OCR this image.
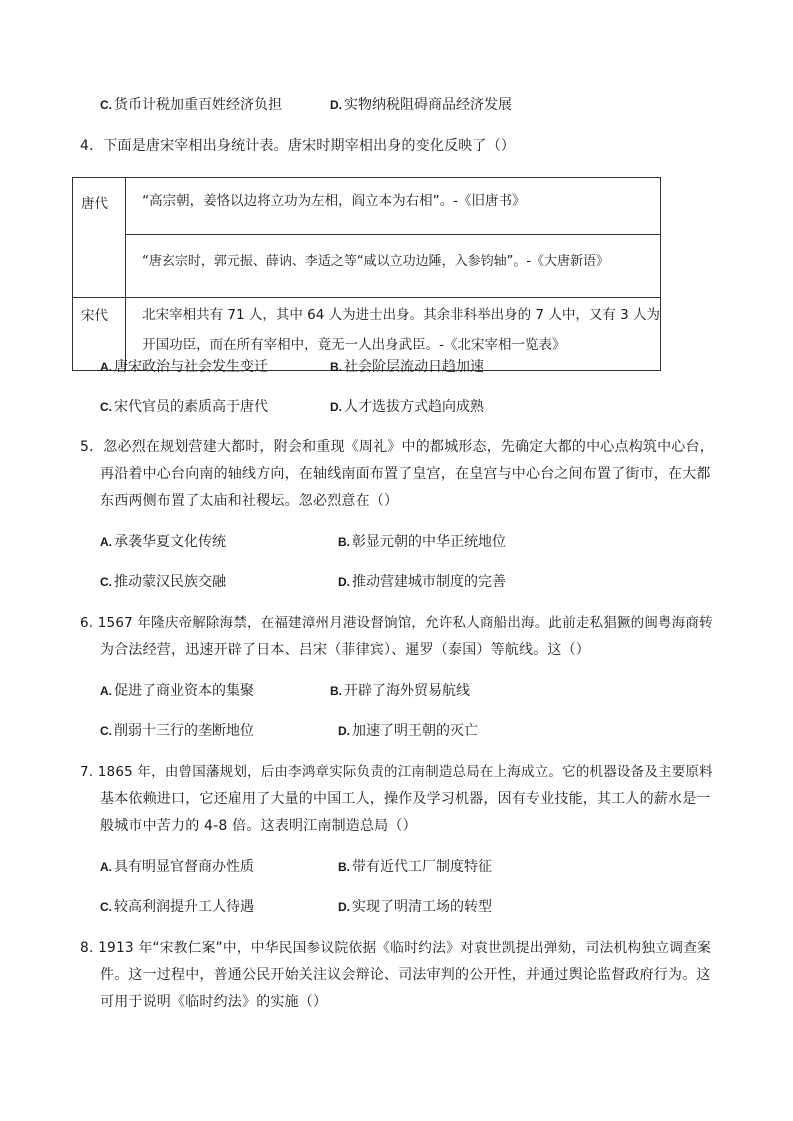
C. 货币计税加重百姓经济负担	D. 实物纳税阻碍商品经济发展
4．下面是唐宋宰相出身统计表。唐宋时期宰相出身的变化反映了（）
唐代	“高宗朝，姜恪以边将立功为左相，阎立本为右相”。-《旧唐书》

	“唐玄宗时，郭元振、薛讷、李适之等“咸以立功边陲，入参钧轴”。-《大唐新语》

宋代	北宋宰相共有 71 人，其中 64 人为进士出身。其余非科举出身的 7 人中，又有 3 人为
开国功臣，而在所有宰相中，竟无一人出身武臣。-《北宋宰相一览表》
A. 唐宋政治与社会发生变迁	B. 社会阶层流动日趋加速
C. 宋代官员的素质高于唐代	D. 人才选拔方式趋向成熟
5．忽必烈在规划营建大都时，附会和重现《周礼》中的都城形态，先确定大都的中心点构筑中心台，
再沿着中心台向南的轴线方向，在轴线南面布置了皇宫，在皇宫与中心台之间布置了街市，在大都
东西两侧布置了太庙和社稷坛。忽必烈意在（）
A. 承袭华夏文化传统	B. 彰显元朝的中华正统地位
C. 推动蒙汉民族交融	D. 推动营建城市制度的完善
6. 1567 年隆庆帝解除海禁，在福建漳州月港设督饷馆，允许私人商船出海。此前走私猖獗的闽粤海商转
为合法经营，迅速开辟了日本、吕宋（菲律宾）、暹罗（泰国）等航线。这（）
A. 促进了商业资本的集聚	B. 开辟了海外贸易航线
C. 削弱十三行的垄断地位	D. 加速了明王朝的灭亡
7. 1865 年，由曾国藩规划，后由李鸿章实际负责的江南制造总局在上海成立。它的机器设备及主要原料
基本依赖进口，它还雇用了大量的中国工人，操作及学习机器，因有专业技能，其工人的薪水是一
般城市中苦力的 4-8 倍。这表明江南制造总局（）
A. 具有明显官督商办性质	B. 带有近代工厂制度特征
C. 较高利润提升工人待遇	D. 实现了明清工场的转型
8. 1913 年“宋教仁案”中，中华民国参议院依据《临时约法》对袁世凯提出弹劾，司法机构独立调查案
件。这一过程中，普通公民开始关注议会辩论、司法审判的公开性，并通过舆论监督政府行为。这
可用于说明《临时约法》的实施（）
